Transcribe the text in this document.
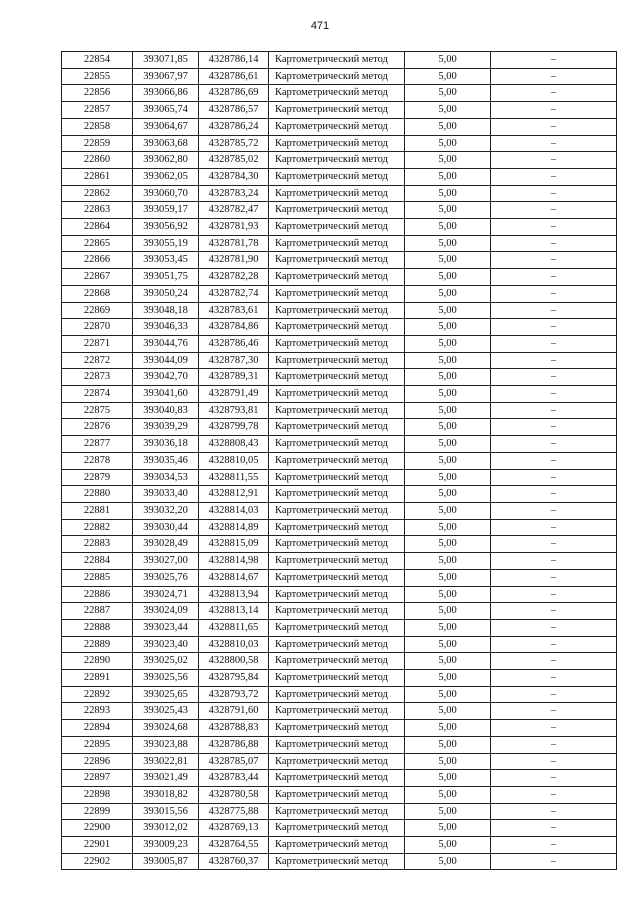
471
22854	393071,85	4328786,14	Картометрический метод	5,00	–
22855	393067,97	4328786,61	Картометрический метод	5,00	–
22856	393066,86	4328786,69	Картометрический метод	5,00	–
22857	393065,74	4328786,57	Картометрический метод	5,00	–
22858	393064,67	4328786,24	Картометрический метод	5,00	–
22859	393063,68	4328785,72	Картометрический метод	5,00	–
22860	393062,80	4328785,02	Картометрический метод	5,00	–
22861	393062,05	4328784,30	Картометрический метод	5,00	–
22862	393060,70	4328783,24	Картометрический метод	5,00	–
22863	393059,17	4328782,47	Картометрический метод	5,00	–
22864	393056,92	4328781,93	Картометрический метод	5,00	–
22865	393055,19	4328781,78	Картометрический метод	5,00	–
22866	393053,45	4328781,90	Картометрический метод	5,00	–
22867	393051,75	4328782,28	Картометрический метод	5,00	–
22868	393050,24	4328782,74	Картометрический метод	5,00	–
22869	393048,18	4328783,61	Картометрический метод	5,00	–
22870	393046,33	4328784,86	Картометрический метод	5,00	–
22871	393044,76	4328786,46	Картометрический метод	5,00	–
22872	393044,09	4328787,30	Картометрический метод	5,00	–
22873	393042,70	4328789,31	Картометрический метод	5,00	–
22874	393041,60	4328791,49	Картометрический метод	5,00	–
22875	393040,83	4328793,81	Картометрический метод	5,00	–
22876	393039,29	4328799,78	Картометрический метод	5,00	–
22877	393036,18	4328808,43	Картометрический метод	5,00	–
22878	393035,46	4328810,05	Картометрический метод	5,00	–
22879	393034,53	4328811,55	Картометрический метод	5,00	–
22880	393033,40	4328812,91	Картометрический метод	5,00	–
22881	393032,20	4328814,03	Картометрический метод	5,00	–
22882	393030,44	4328814,89	Картометрический метод	5,00	–
22883	393028,49	4328815,09	Картометрический метод	5,00	–
22884	393027,00	4328814,98	Картометрический метод	5,00	–
22885	393025,76	4328814,67	Картометрический метод	5,00	–
22886	393024,71	4328813,94	Картометрический метод	5,00	–
22887	393024,09	4328813,14	Картометрический метод	5,00	–
22888	393023,44	4328811,65	Картометрический метод	5,00	–
22889	393023,40	4328810,03	Картометрический метод	5,00	–
22890	393025,02	4328800,58	Картометрический метод	5,00	–
22891	393025,56	4328795,84	Картометрический метод	5,00	–
22892	393025,65	4328793,72	Картометрический метод	5,00	–
22893	393025,43	4328791,60	Картометрический метод	5,00	–
22894	393024,68	4328788,83	Картометрический метод	5,00	–
22895	393023,88	4328786,88	Картометрический метод	5,00	–
22896	393022,81	4328785,07	Картометрический метод	5,00	–
22897	393021,49	4328783,44	Картометрический метод	5,00	–
22898	393018,82	4328780,58	Картометрический метод	5,00	–
22899	393015,56	4328775,88	Картометрический метод	5,00	–
22900	393012,02	4328769,13	Картометрический метод	5,00	–
22901	393009,23	4328764,55	Картометрический метод	5,00	–
22902	393005,87	4328760,37	Картометрический метод	5,00	–
